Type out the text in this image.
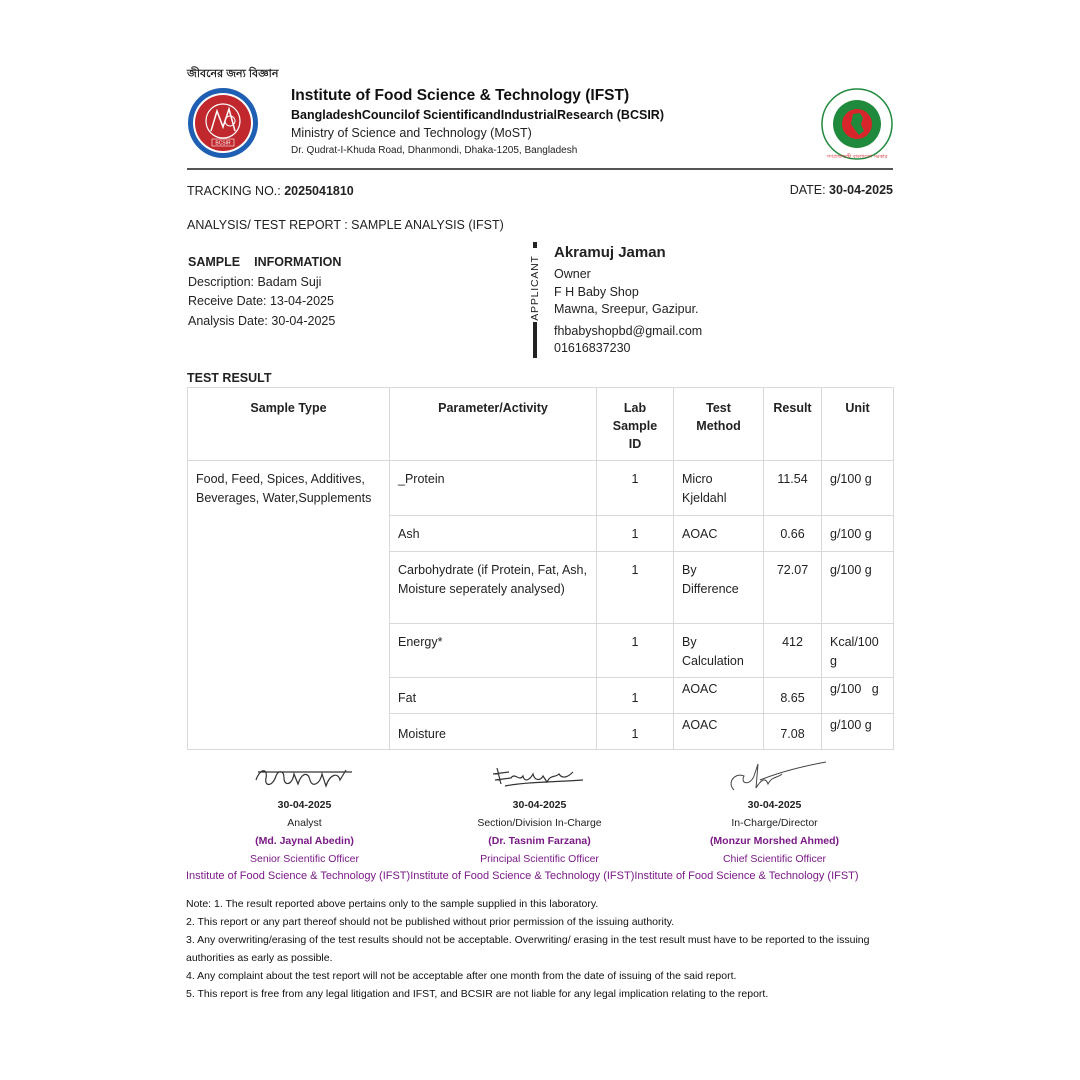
জীবনের জন্য বিজ্ঞান
BCSIR
Institute of Food Science & Technology (IFST)
BangladeshCouncilof ScientificandIndustrialResearch (BCSIR)
Ministry of Science and Technology (MoST)
Dr. Qudrat-I-Khuda Road, Dhanmondi, Dhaka-1205, Bangladesh
গণপ্রজাতন্ত্রী বাংলাদেশ সরকার
TRACKING NO.: 2025041810	DATE: 30-04-2025
ANALYSIS/ TEST REPORT : SAMPLE ANALYSIS (IFST)
SAMPLE INFORMATION
Description: Badam Suji
Receive Date: 13-04-2025
Analysis Date: 30-04-2025	APPLICANT
Akramuj Jaman
Owner
F H Baby Shop
Mawna, Sreepur, Gazipur.
fhbabyshopbd@gmail.com
01616837230
TEST RESULT
Sample Type	Parameter/Activity	Lab
Sample
ID	Test
Method	Result	Unit
Food, Feed, Spices, Additives, Beverages, Water,Supplements	_Protein	1	Micro Kjeldahl	11.54	g/100 g
	Ash	1	AOAC	0.66	g/100 g
	Carbohydrate (if Protein, Fat, Ash, Moisture seperately analysed)	1	By Difference	72.07	g/100 g
	Energy*	1	By Calculation	412	Kcal/100 g
	Fat	1	AOAC	8.65	g/100   g
	Moisture	1	AOAC	7.08	g/100 g
30-04-2025
Analyst
(Md. Jaynal Abedin)
Senior Scientific Officer
30-04-2025
Section/Division In-Charge
(Dr. Tasnim Farzana)
Principal Scientific Officer
30-04-2025
In-Charge/Director
(Monzur Morshed Ahmed)
Chief Scientific Officer
Institute of Food Science & Technology (IFST)Institute of Food Science & Technology (IFST)Institute of Food Science & Technology (IFST)
Note: 1. The result reported above pertains only to the sample supplied in this laboratory.
2. This report or any part thereof should not be published without prior permission of the issuing authority.
3. Any overwriting/erasing of the test results should not be acceptable. Overwriting/ erasing in the test result must have to be reported to the issuing authorities as early as possible.
4. Any complaint about the test report will not be acceptable after one month from the date of issuing of the said report.
5. This report is free from any legal litigation and IFST, and BCSIR are not liable for any legal implication relating to the report.
